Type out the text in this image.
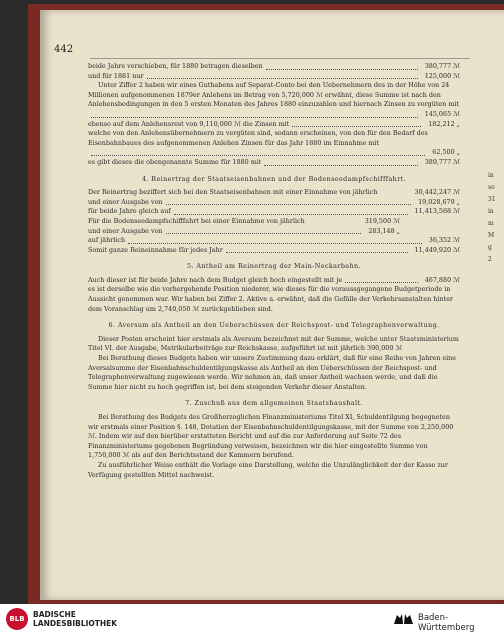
442
beide Jahre verschieben, für 1880 betragen dieselben	380,777 ℳ
und für 1881 nur	125,000 ℳ

Unter Ziffer 2 haben wir eines Guthabens auf Separat-Conto bei den Uebernehmern des in der Höhe von 24 Millionen aufgenommenen 1879er Anlehens im Betrag von 5,720,000 ℳ erwähnt, diese Summe ist nach den Anlehensbedingungen in den 5 ersten Monaten des Jahres 1880 einzuzahlen und hiernach Zinsen zu vergüten mit

145,065 ℳ
ebenso auf dem Anlehensrest von 9,110,000 ℳ die Zinsen mit	182,212 „

welche von den Anlehensübernehmern zu vergüten sind, sodann erscheinen, von den für den Bedarf des Eisenbahnbaues des aufgenommenen Anlehen Zinsen für das Jahr 1880 im Einnahme mit

62,500 „
es gibt dieses die obengenannte Summe für 1880 mit	389,777 ℳ
4. Reinertrag der Staatseisenbahnen und der Bodenseedampfschifffahrt.
Der Reinertrag beziffert sich bei den Staatseisenbahnen mit einer Einnahme von jährlich	30,442,247 ℳ
und einer Ausgabe von	19,028,679 „
für beide Jahre gleich auf	11,413,568 ℳ
Für die Bodenseedampfschifffahrt bei einer Einnahme von jährlich	319,500 ℳ
und einer Ausgabe von	283,148 „
auf jährlich	36,352 ℳ
Somit ganze Reineinnahme für jedes Jahr	11,449,920 ℳ
5. Antheil am Reinertrag der Main-Neckarbahn.
Auch dieser ist für beide Jahre nach dem Budget gleich hoch eingestellt mit je	467,880 ℳ

es ist derselbe wie die vorhergehende Position niederer, wie dieses für die voraussgegangene Budgetperiode in Aussicht genommen war. Wir haben bei Ziffer 2. Aktive a. erwähnt, daß die Gefälle der Verkehrsanstalten hinter dem Voranschlag um 2,740,050 ℳ zurückgeblieben sind.

6. Aversum als Antheil an den Ueberschüssen der Reichspost- und Telegraphenverwaltung.

Dieser Posten erscheint hier erstmals als Aversum bezeichnet mit der Summe, welche unter Staatsministerium Titel VI. der Ausgabe, Matrikularbeiträge zur Reichskasse, aufgeführt ist mit jährlich 390,000 ℳ

Bei Berathung dieses Budgets haben wir unsere Zustimmung dazu erklärt, daß für eine Reihe von Jahren eine Aversalsumme der Eisenbahnschuldentilgungskasse als Antheil an den Ueberschüssen der Reichspost- und Telegraphenverwaltung zugewiesen werde. Wir nehmen an, daß unser Antheil wachsen werde, und daß die Summe hier nicht zu hoch gegriffen ist, bei dem steigenden Verkehr dieser Anstalten.

7. Zuschuß aus dem allgemeinen Staatshaushalt.

Bei Berathung des Budgets des Großherzoglichen Finanzministeriums Titel XI, Schuldentilgung begegneten wir erstmals einer Position §. 148, Dotation der Eisenbahnschuldentilgungskasse, mit der Summe von 2,250,000 ℳ. Indem wir auf den hierüber erstatteten Bericht und auf die zur Anforderung auf Seite 72 des Finanzministeriums gegebenen Begründung verweisen, bezeichnen wir die hier eingestellte Summe von 1,750,000 ℳ als auf den Berichtsstand der Kammern berufend.

Zu ausführlicher Weise enthält die Vorlage eine Darstellung, welche die Unzulänglichkeit der der Kasse zur Verfügung gestellten Mittel nachweist.

in
so
31
in
m
M
g
2
BLB	BADISCHE
LANDESBIBLIOTHEK
Baden-Württemberg
